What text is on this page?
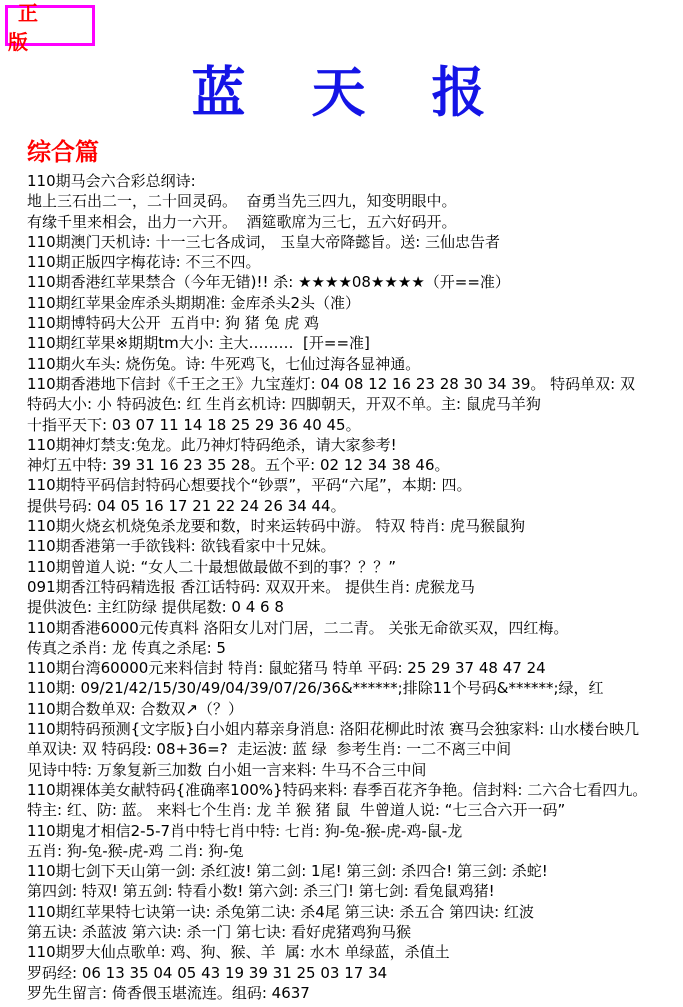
正 版
蓝　天　报
综合篇
110期马会六合彩总纲诗:
地上三石出二一，二十回灵码。  奋勇当先三四九，知变明眼中。
有缘千里来相会，出力一六开。  酒筵歌席为三七，五六好码开。
110期澳门天机诗: 十一三七各成词， 玉皇大帝降懿旨。送: 三仙忠告者
110期正版四字梅花诗: 不三不四。
110期香港红苹果禁合（今年无错)!! 杀: ★★★★08★★★★（开==准）
110期红苹果金库杀头期期准: 金库杀头2头（准）
110期博特码大公开  五肖中: 狗 猪 兔 虎 鸡
110期红苹果※期期tm大小: 主大………  [开==准]
110期火车头: 烧伤兔。诗: 牛死鸡飞，七仙过海各显神通。
110期香港地下信封《千王之王》九宝莲灯: 04 08 12 16 23 28 30 34 39。 特码单双: 双
特码大小: 小 特码波色: 红 生肖玄机诗: 四脚朝天，开双不单。主: 鼠虎马羊狗
十指平天下: 03 07 11 14 18 25 29 36 40 45。
110期神灯禁支:兔龙。此乃神灯特码绝杀，请大家参考!
神灯五中特: 39 31 16 23 35 28。五个平: 02 12 34 38 46。
110期特平码信封特码心想要找个“钞票”，平码“六尾”，本期: 四。
提供号码: 04 05 16 17 21 22 24 26 34 44。
110期火烧玄机烧兔杀龙要和数，时来运转码中游。 特双 特肖: 虎马猴鼠狗
110期香港第一手欲钱料: 欲钱看家中十兄妹。
110期曾道人说: “女人二十最想做最做不到的事？？？”
091期香江特码精选报 香江话特码: 双双开来。 提供生肖: 虎猴龙马
提供波色: 主红防绿 提供尾数: 0 4 6 8
110期香港6000元传真料 洛阳女儿对门居，二二青。 关张无命欲买双，四红梅。
传真之杀肖: 龙 传真之杀尾: 5
110期台湾60000元来料信封 特肖: 鼠蛇猪马 特单 平码: 25 29 37 48 47 24
110期: 09/21/42/15/30/49/04/39/07/26/36&******;排除11个号码&******;绿，红
110期合数单双: 合数双↗（？）
110期特码预测{文字版}白小姐内幕亲身消息: 洛阳花柳此时浓 赛马会独家料: 山水楼台映几
单双诀: 双 特码段: 08+36=?  走运波: 蓝 绿  参考生肖: 一二不离三中间
见诗中特: 万象复新三加数 白小姐一言来料: 牛马不合三中间
110期裸体美女献特码{准确率100%}特码来料: 春季百花齐争艳。信封料: 二六合七看四九。
特主: 红、防: 蓝。 来料七个生肖: 龙 羊 猴 猪 鼠  牛曾道人说: “七三合六开一码”
110期鬼才相信2-5-7肖中特七肖中特: 七肖: 狗-兔-猴-虎-鸡-鼠-龙
五肖: 狗-兔-猴-虎-鸡 二肖: 狗-兔
110期七剑下天山第一剑: 杀红波! 第二剑: 1尾! 第三剑: 杀四合! 第三剑: 杀蛇!
第四剑: 特双! 第五剑: 特看小数! 第六剑: 杀三门! 第七剑: 看兔鼠鸡猪!
110期红苹果特七诀第一诀: 杀兔第二诀: 杀4尾 第三诀: 杀五合 第四诀: 红波
第五诀: 杀蓝波 第六诀: 杀一门 第七诀: 看好虎猪鸡狗马猴
110期罗大仙点歌单: 鸡、狗、猴、羊  属: 水木 单绿蓝，杀值土
罗码经: 06 13 35 04 05 43 19 39 31 25 03 17 34
罗先生留言: 倚香偎玉堪流连。组码: 4637
